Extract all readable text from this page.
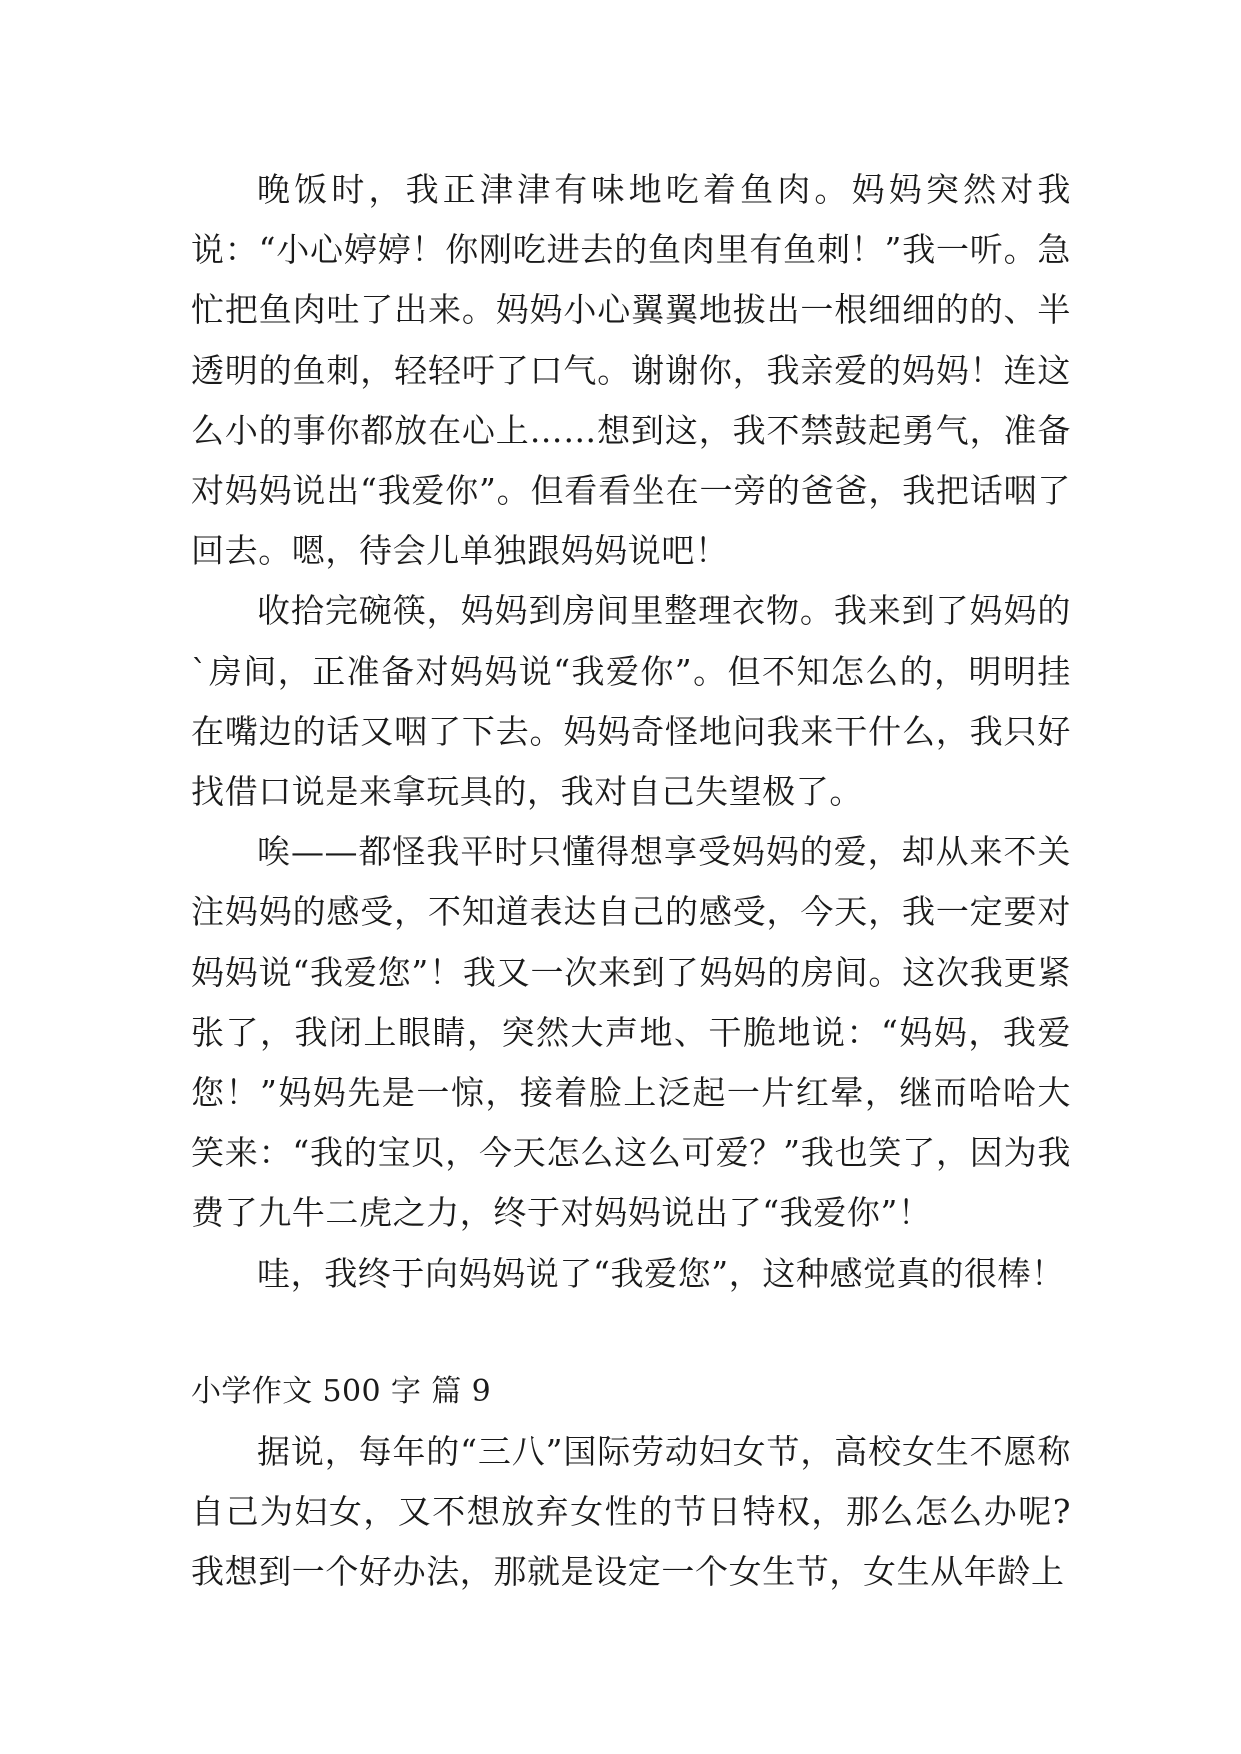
晚饭时，我正津津有味地吃着鱼肉。妈妈突然对我说：“小心婷婷！你刚吃进去的鱼肉里有鱼刺！”我一听。急忙把鱼肉吐了出来。妈妈小心翼翼地拔出一根细细的的、半透明的鱼刺，轻轻吁了口气。谢谢你，我亲爱的妈妈！连这么小的事你都放在心上……想到这，我不禁鼓起勇气，准备对妈妈说出“我爱你”。但看看坐在一旁的爸爸，我把话咽了回去。嗯，待会儿单独跟妈妈说吧！

收拾完碗筷，妈妈到房间里整理衣物。我来到了妈妈的`房间，正准备对妈妈说“我爱你”。但不知怎么的，明明挂在嘴边的话又咽了下去。妈妈奇怪地问我来干什么，我只好找借口说是来拿玩具的，我对自己失望极了。

唉——都怪我平时只懂得想享受妈妈的爱，却从来不关注妈妈的感受，不知道表达自己的感受，今天，我一定要对妈妈说“我爱您”！我又一次来到了妈妈的房间。这次我更紧张了，我闭上眼睛，突然大声地、干脆地说：“妈妈，我爱您！”妈妈先是一惊，接着脸上泛起一片红晕，继而哈哈大笑来：“我的宝贝，今天怎么这么可爱？”我也笑了，因为我费了九牛二虎之力，终于对妈妈说出了“我爱你”！

哇，我终于向妈妈说了“我爱您”，这种感觉真的很棒！

小学作文 500 字 篇 9

据说，每年的“三八”国际劳动妇女节，高校女生不愿称自己为妇女，又不想放弃女性的节日特权，那么怎么办呢?我想到一个好办法，那就是设定一个女生节，女生从年龄上
